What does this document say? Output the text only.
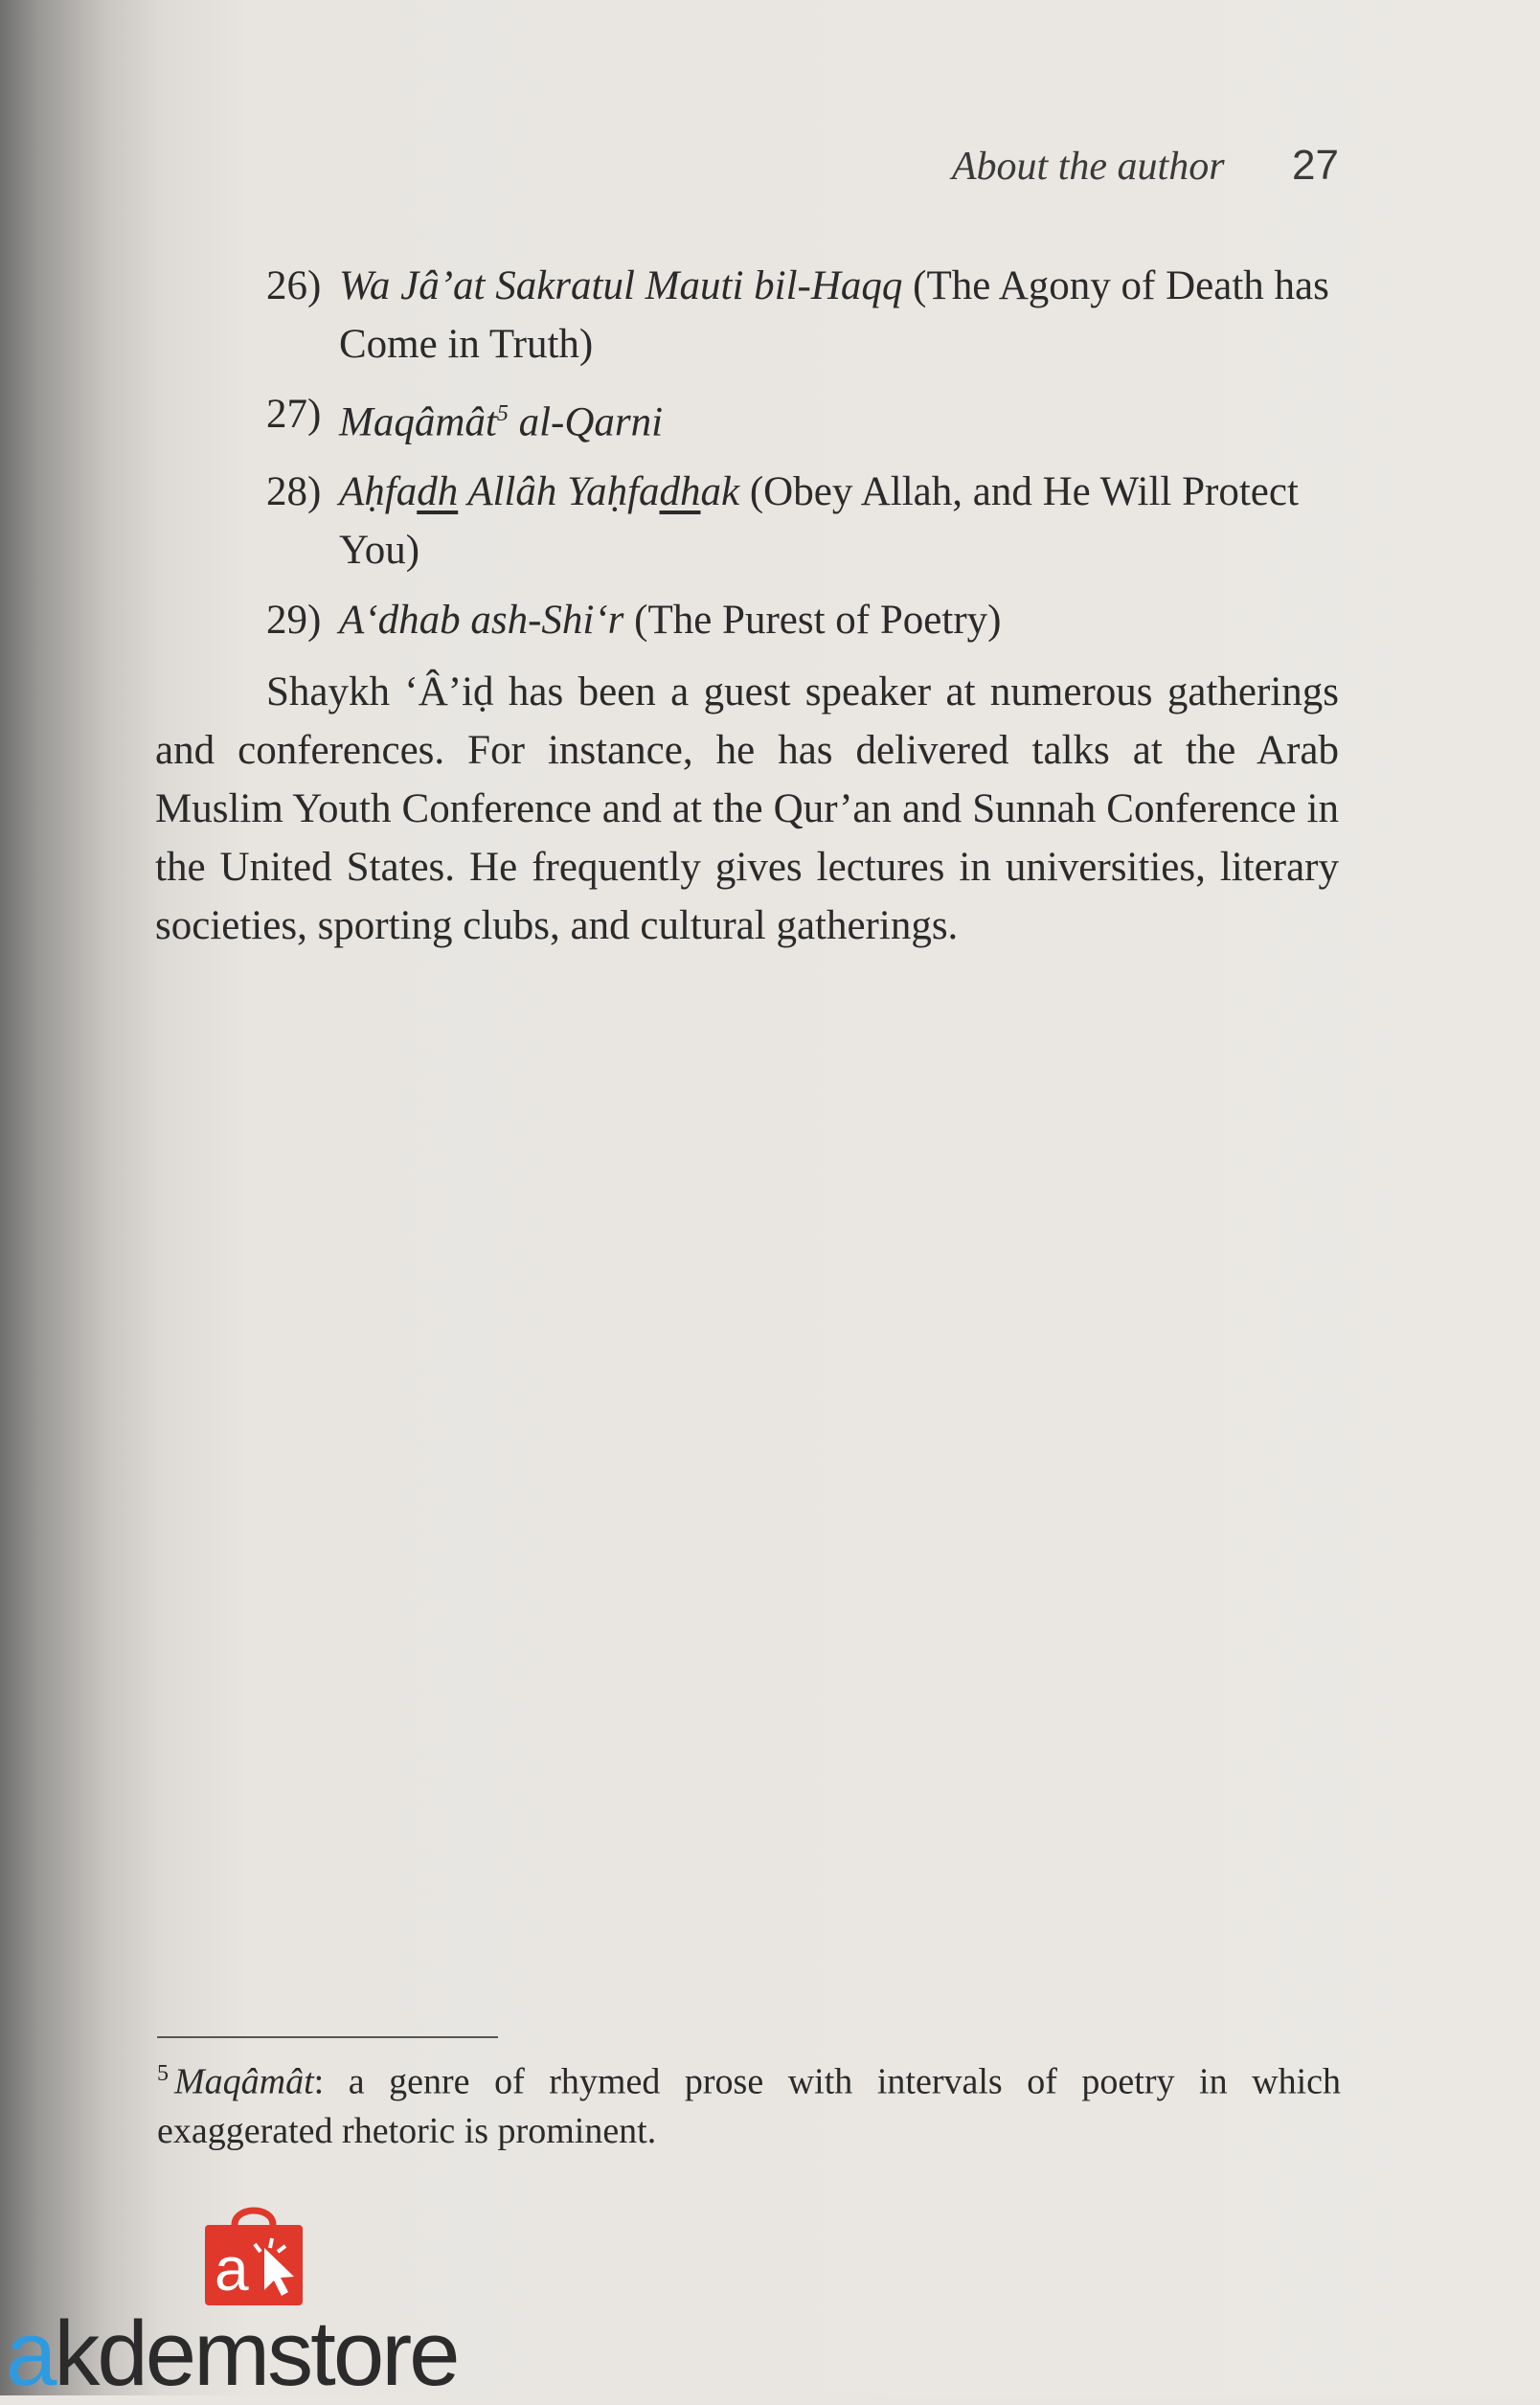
About the author 27
26) Wa Jâ’at Sakratul Mauti bil-Haqq (The Agony of Death has Come in Truth)
27) Maqâmât$^5$ al-Qarni
28) Aḥfadh Allâh Yaḥfadhak (Obey Allah, and He Will Protect You)
29) A‘dhab ash-Shi‘r (The Purest of Poetry)
Shaykh ‘Â’iḍ has been a guest speaker at numerous gatherings and conferences. For instance, he has delivered talks at the Arab Muslim Youth Conference and at the Qur’an and Sunnah Conference in the United States. He frequently gives lectures in universities, literary societies, sporting clubs, and cultural gatherings.
$^5$ Maqâmât: a genre of rhymed prose with intervals of poetry in which exaggerated rhetoric is prominent.
a
akdemstore
